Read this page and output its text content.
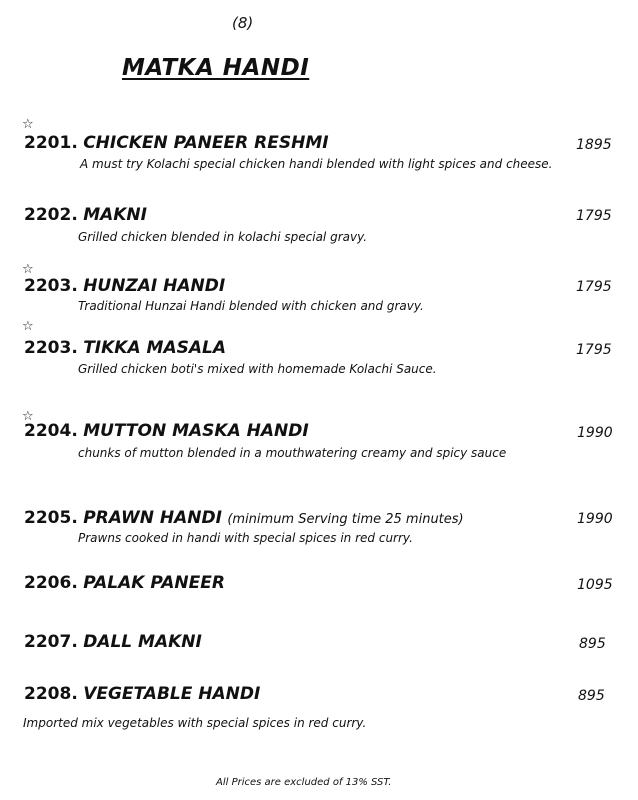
(8)
MATKA HANDI
☆
2201. CHICKEN PANEER RESHMI	1895
A must try Kolachi special chicken handi blended with light spices and cheese.
2202. MAKNI	1795
Grilled chicken blended in kolachi special gravy.
☆
2203. HUNZAI HANDI	1795
Traditional Hunzai Handi blended with chicken and gravy.
☆
2203. TIKKA MASALA	1795
Grilled chicken boti's mixed with homemade Kolachi Sauce.
☆
2204. MUTTON MASKA HANDI	1990
chunks of mutton blended in a mouthwatering creamy and spicy sauce
2205. PRAWN HANDI (minimum Serving time 25 minutes)	1990
Prawns cooked in handi with special spices in red curry.
2206. PALAK PANEER	1095
2207. DALL MAKNI	895
2208. VEGETABLE HANDI	895
Imported mix vegetables with special spices in red curry.
All Prices are excluded of 13% SST.
